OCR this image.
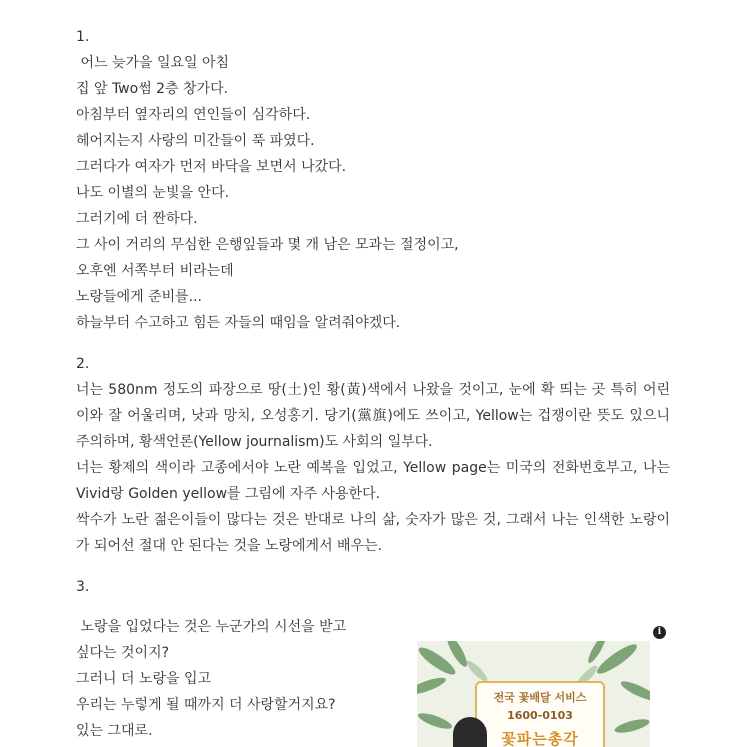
1.

어느 늦가을 일요일 아침

집 앞 Two썸 2층 창가다.

아침부터 옆자리의 연인들이 심각하다.

헤어지는지 사랑의 미간들이 푹 파였다.

그러다가 여자가 먼저 바닥을 보면서 나갔다.

나도 이별의 눈빛을 안다.

그러기에 더 짠하다.

그 사이 거리의 무심한 은행잎들과 몇 개 남은 모과는 절정이고,

오후엔 서쪽부터 비라는데

노랑들에게 준비를...

하늘부터 수고하고 힘든 자들의 때임을 알려줘야겠다.

2.

너는 580nm 정도의 파장으로 땅(土)인 황(黃)색에서 나왔을 것이고, 눈에 확 띄는 곳 특히 어린이와 잘 어울리며, 낫과 망치, 오성홍기. 당기(黨旗)에도 쓰이고, Yellow는 겁쟁이란 뜻도 있으니 주의하며, 황색언론(Yellow journalism)도 사회의 일부다.

너는 황제의 색이라 고종에서야 노란 예복을 입었고, Yellow page는 미국의 전화번호부고, 나는 Vivid랑 Golden yellow를 그림에 자주 사용한다.

싹수가 노란 젊은이들이 많다는 것은 반대로 나의 삶, 숫자가 많은 것, 그래서 나는 인색한 노랑이가 되어선 절대 안 된다는 것을 노랑에게서 배우는.

3.

노랑을 입었다는 것은 누군가의 시선을 받고

싶다는 것이지?

그러니 더 노랑을 입고

우리는 누렇게 될 때까지 더 사랑할거지요?

있는 그대로.

i
전국 꽃배달 서비스
1600-0103
꽃파는총각
